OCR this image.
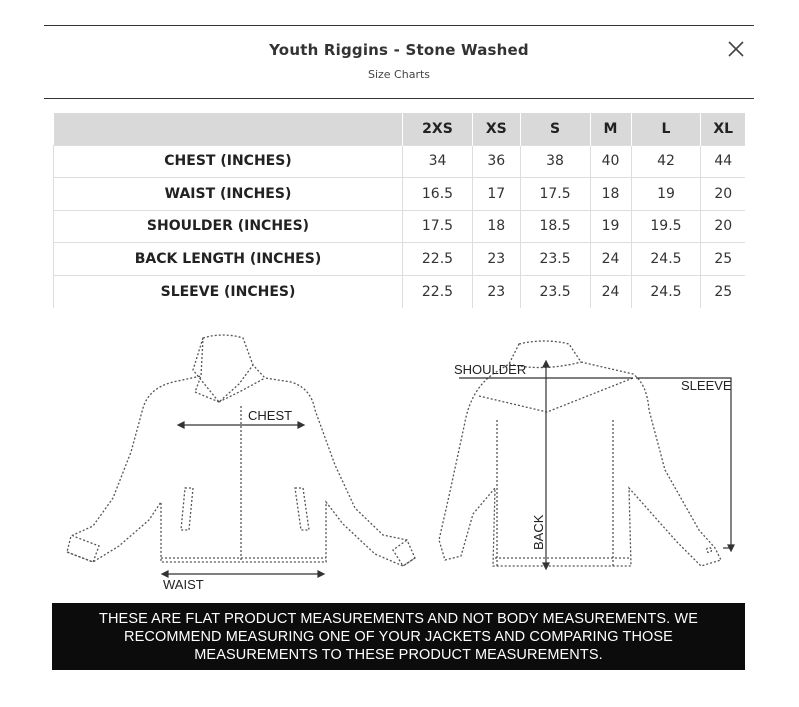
Youth Riggins - Stone Washed
Size Charts
	2XS	XS	S	M	L	XL
CHEST (INCHES)	34	36	38	40	42	44
WAIST (INCHES)	16.5	17	17.5	18	19	20
SHOULDER (INCHES)	17.5	18	18.5	19	19.5	20
BACK LENGTH (INCHES)	22.5	23	23.5	24	24.5	25
SLEEVE (INCHES)	22.5	23	23.5	24	24.5	25
CHEST
WAIST
SHOULDER
SLEEVE
BACK

THESE ARE FLAT PRODUCT MEASUREMENTS AND NOT BODY MEASUREMENTS. WE
RECOMMEND MEASURING ONE OF YOUR JACKETS AND COMPARING THOSE
MEASUREMENTS TO THESE PRODUCT MEASUREMENTS.
